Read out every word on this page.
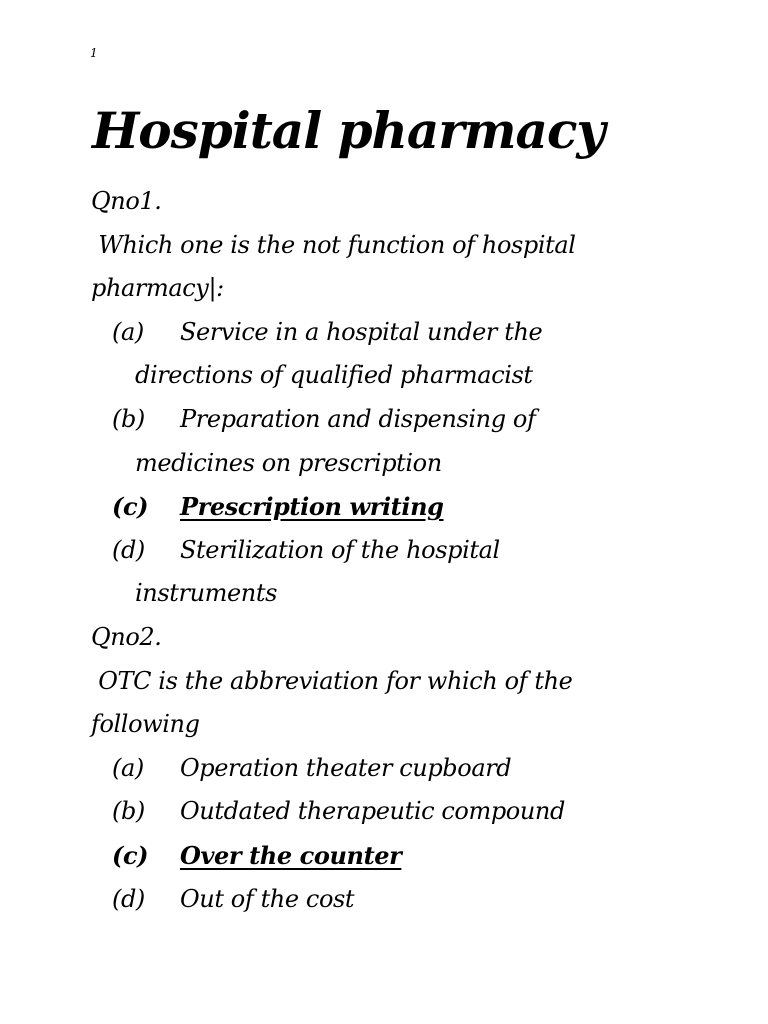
1
Hospital pharmacy
Qno1.
Which one is the not function of hospital
pharmacy|:
(a)	Service in a hospital under the
directions of qualified pharmacist
(b)	Preparation and dispensing of
medicines on prescription
(c)	Prescription writing
(d)	Sterilization of the hospital
instruments
Qno2.
OTC is the abbreviation for which of the
following
(a)	Operation theater cupboard
(b)	Outdated therapeutic compound
(c)	Over the counter
(d)	Out of the cost
